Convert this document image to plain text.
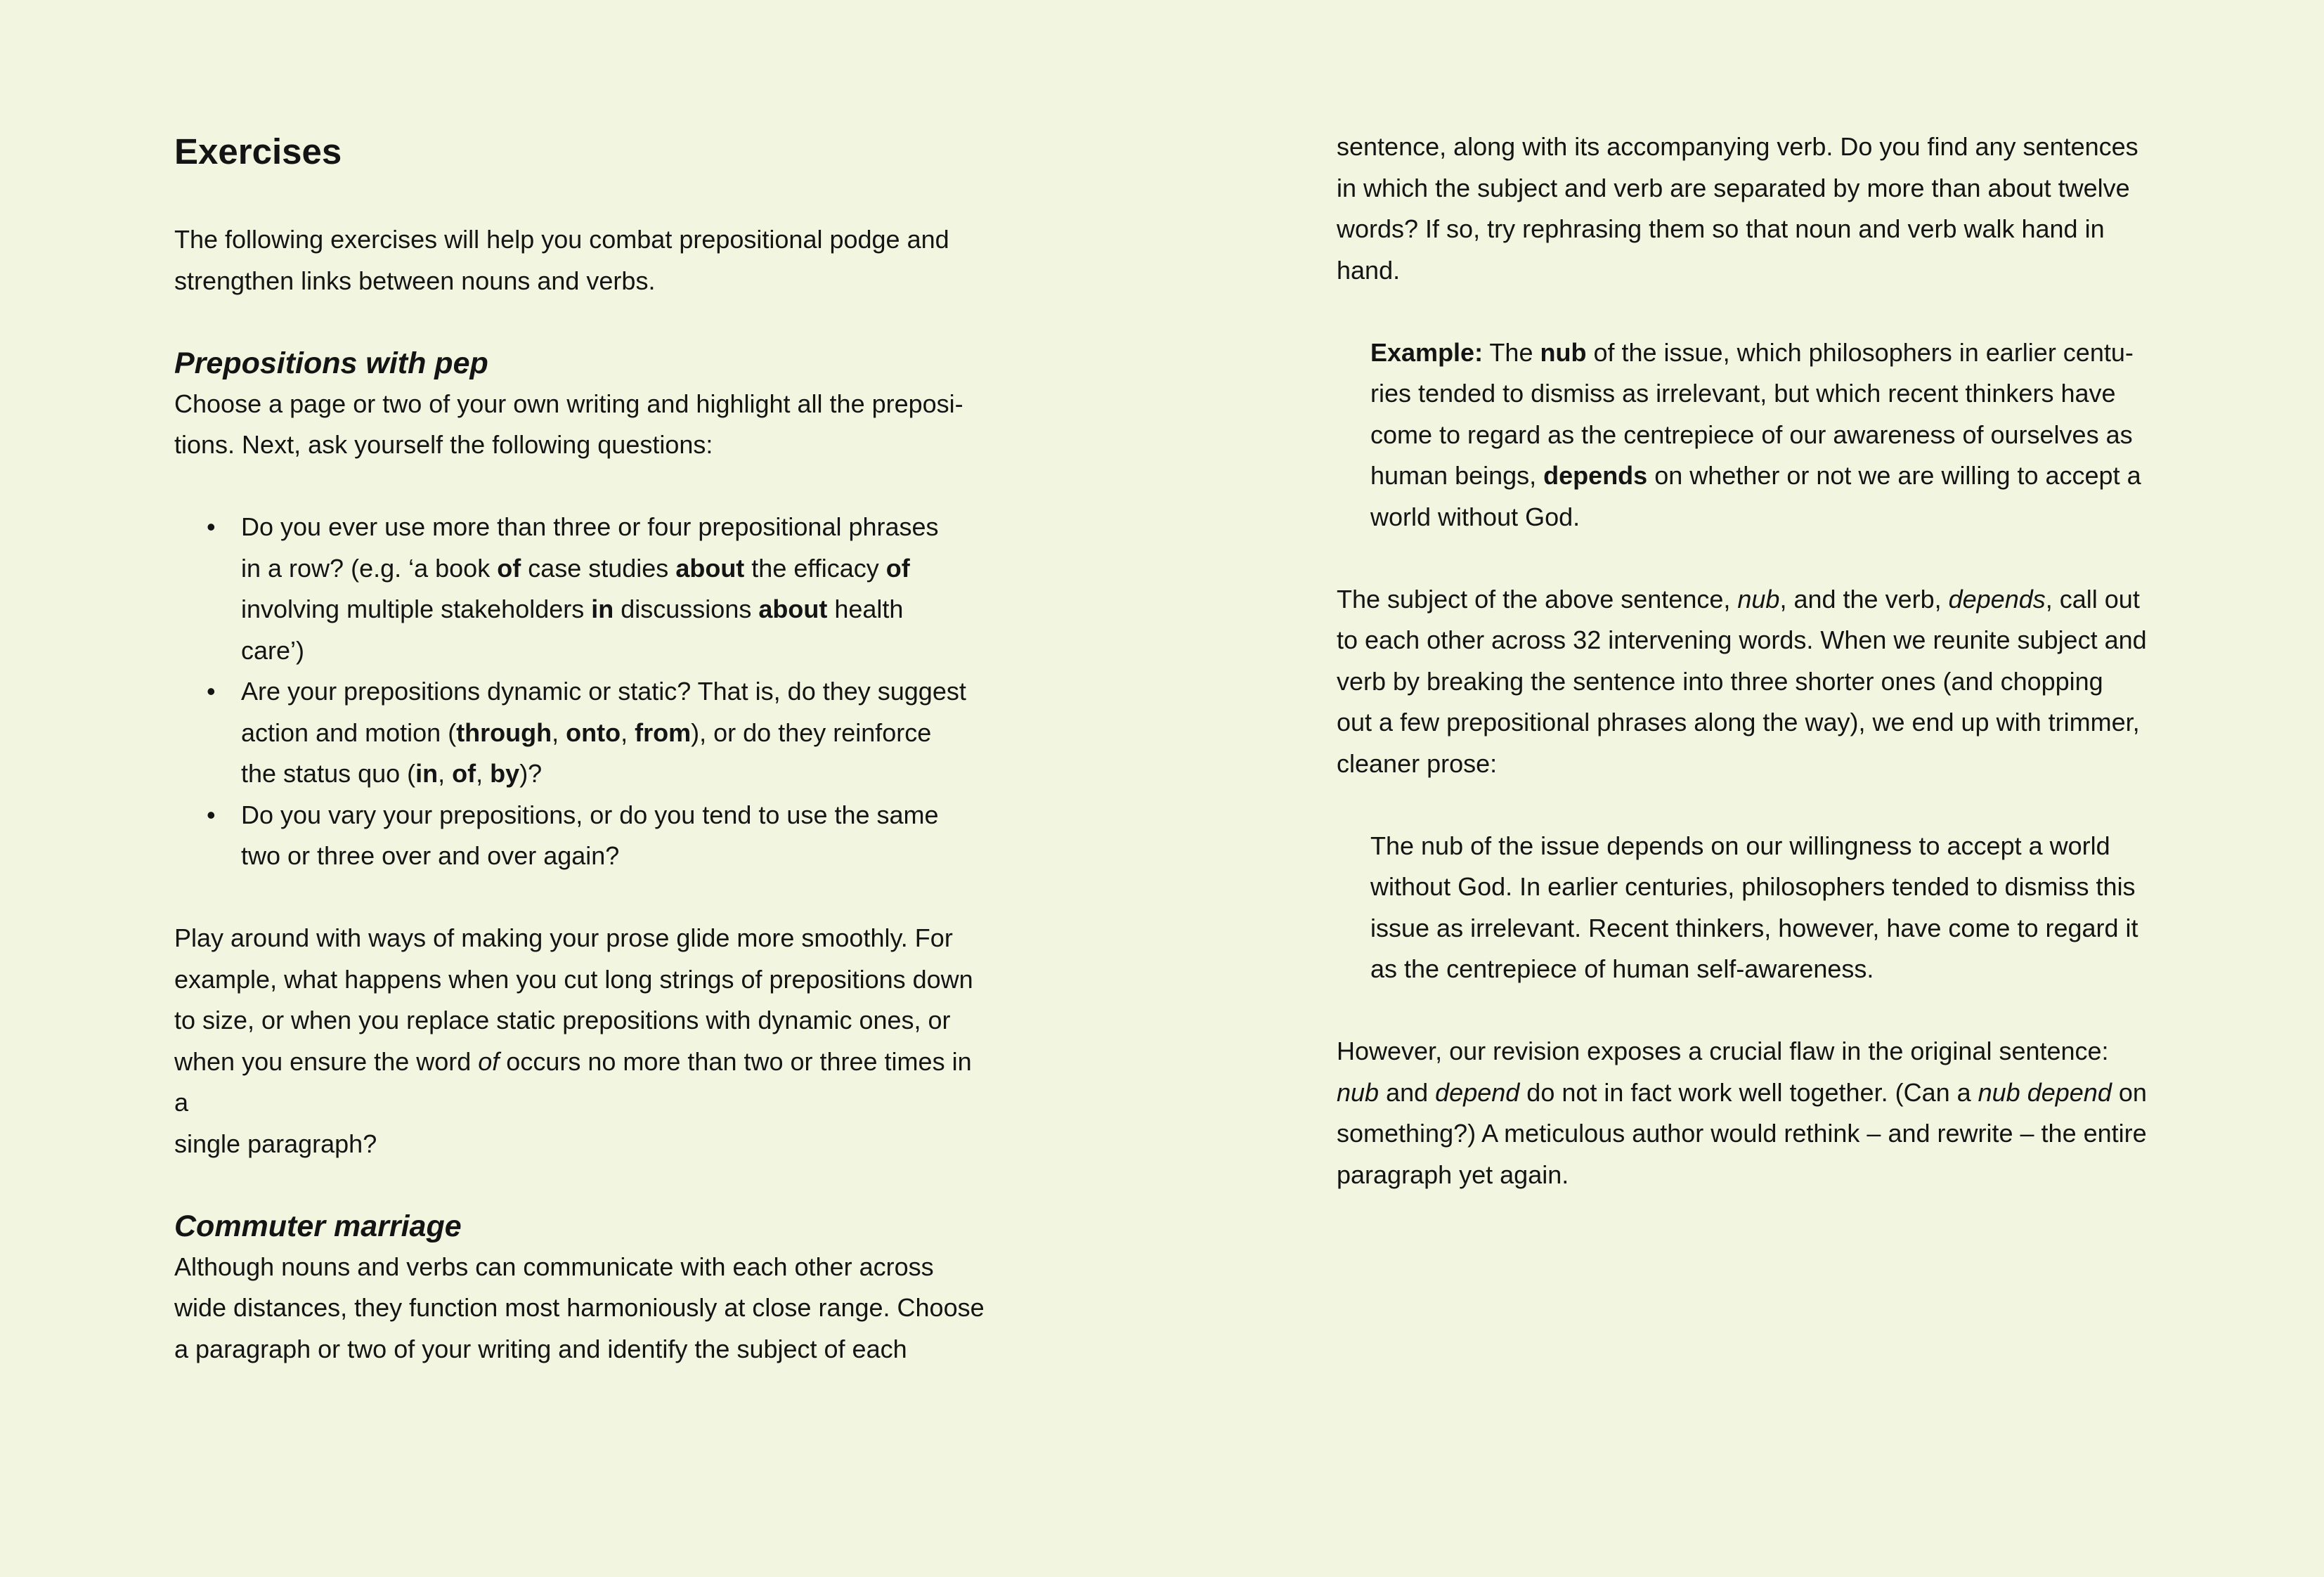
Exercises

The following exercises will help you combat prepositional podge and
strengthen links between nouns and verbs.

Prepositions with pep

Choose a page or two of your own writing and highlight all the preposi-
tions. Next, ask yourself the following questions:

• Do you ever use more than three or four prepositional phrases
in a row? (e.g. ‘a book of case studies about the efficacy of
involving multiple stakeholders in discussions about health
care’)
• Are your prepositions dynamic or static? That is, do they suggest
action and motion (through, onto, from), or do they reinforce
the status quo (in, of, by)?
• Do you vary your prepositions, or do you tend to use the same
two or three over and over again?

Play around with ways of making your prose glide more smoothly. For
example, what happens when you cut long strings of prepositions down
to size, or when you replace static prepositions with dynamic ones, or
when you ensure the word of occurs no more than two or three times in a
single paragraph?

Commuter marriage

Although nouns and verbs can communicate with each other across
wide distances, they function most harmoniously at close range. Choose
a paragraph or two of your writing and identify the subject of each

sentence, along with its accompanying verb. Do you find any sentences
in which the subject and verb are separated by more than about twelve
words? If so, try rephrasing them so that noun and verb walk hand in
hand.

Example: The nub of the issue, which philosophers in earlier centu-
ries tended to dismiss as irrelevant, but which recent thinkers have
come to regard as the centrepiece of our awareness of ourselves as
human beings, depends on whether or not we are willing to accept a
world without God.

The subject of the above sentence, nub, and the verb, depends, call out
to each other across 32 intervening words. When we reunite subject and
verb by breaking the sentence into three shorter ones (and chopping
out a few prepositional phrases along the way), we end up with trimmer,
cleaner prose:

The nub of the issue depends on our willingness to accept a world
without God. In earlier centuries, philosophers tended to dismiss this
issue as irrelevant. Recent thinkers, however, have come to regard it
as the centrepiece of human self-awareness.

However, our revision exposes a crucial flaw in the original sentence:
nub and depend do not in fact work well together. (Can a nub depend on
something?) A meticulous author would rethink – and rewrite – the entire
paragraph yet again.
